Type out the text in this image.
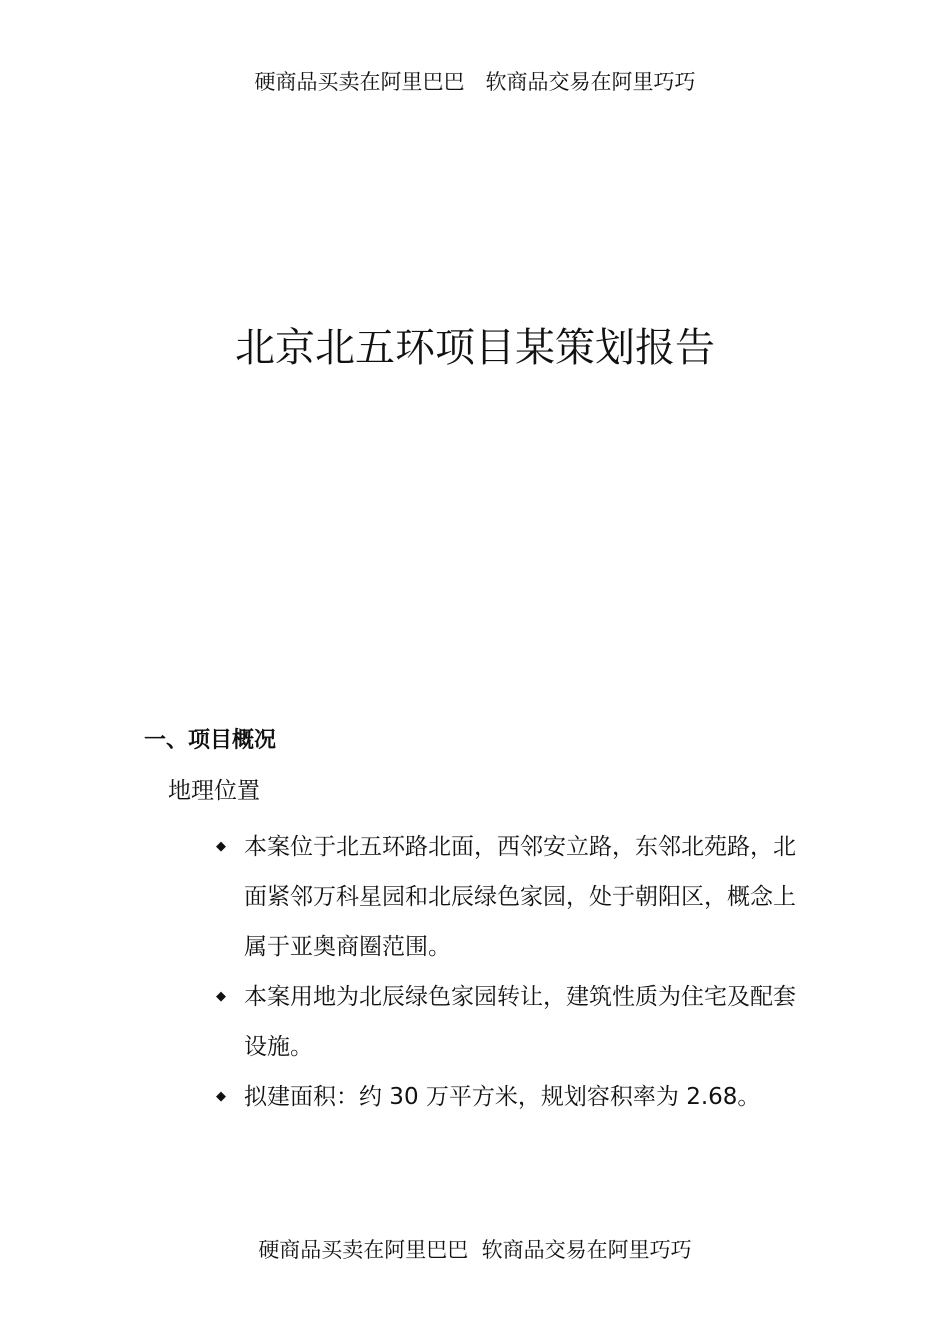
硬商品买卖在阿里巴巴　软商品交易在阿里巧巧
北京北五环项目某策划报告
一、项目概况
地理位置
◆ 本案位于北五环路北面，西邻安立路，东邻北苑路，北面紧邻万科星园和北辰绿色家园，处于朝阳区，概念上属于亚奥商圈范围。
◆ 本案用地为北辰绿色家园转让，建筑性质为住宅及配套设施。
◆ 拟建面积：约 30 万平方米，规划容积率为 2.68。
硬商品买卖在阿里巴巴  软商品交易在阿里巧巧
